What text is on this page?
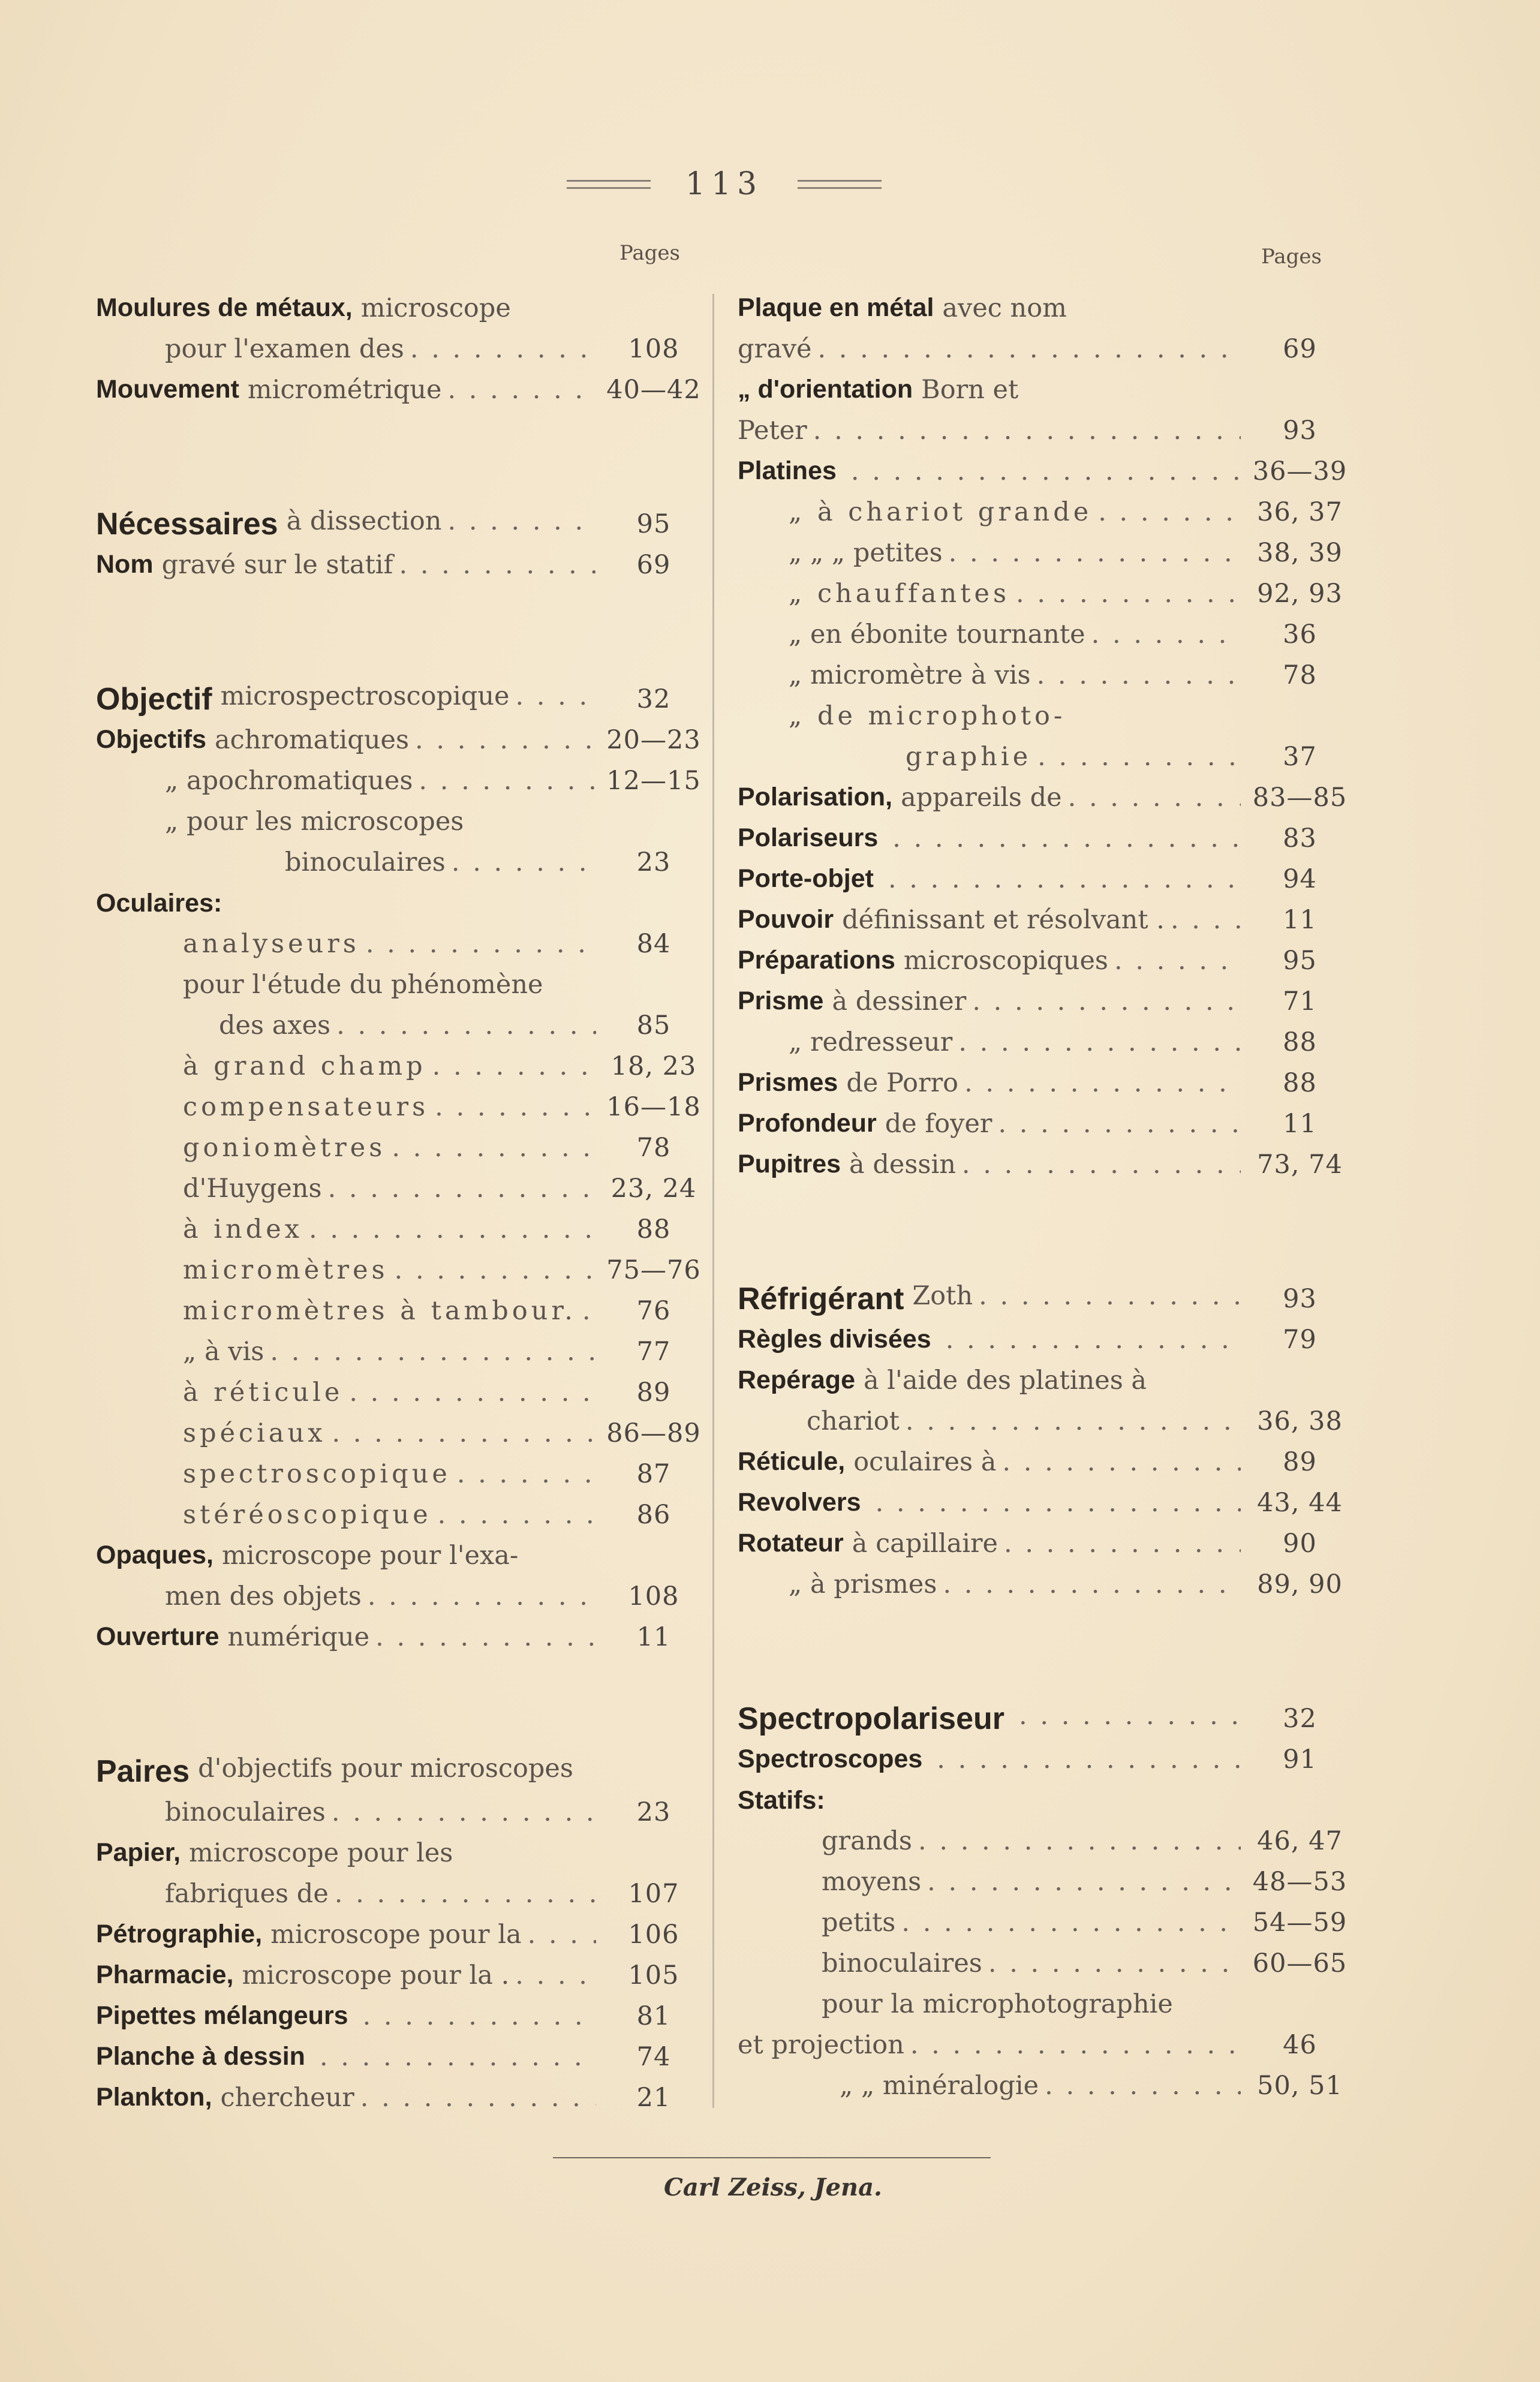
113
Pages	Pages
Moulures de métaux, microscope
pour l'examen des . . .	108
Mouvement micrométrique . . .	40—42
Nécessaires à dissection . . .	95
Nom gravé sur le statif . . .	69
Objectif microspectroscopique . . .	32
Objectifs achromatiques . . .	20—23
„ apochromatiques . . .	12—15
„ pour les microscopes
binoculaires . . .	23
Oculaires:
analyseurs . . .	84
pour l'étude du phénomène
des axes . . .	85
à grand champ . . .	18, 23
compensateurs . . .	16—18
goniomètres . . .	78
d'Huygens . . .	23, 24
à index . . .	88
micromètres . . .	75—76
micromètres à tambour. . . .	76
„ à vis . . .	77
à réticule . . .	89
spéciaux . . .	86—89
spectroscopique . . .	87
stéréoscopique . . .	86
Opaques, microscope pour l'exa-
men des objets . . .	108
Ouverture numérique . . .	11
Paires d'objectifs pour microscopes
binoculaires . . .	23
Papier, microscope pour les
fabriques de . . .	107
Pétrographie, microscope pour la . . .	106
Pharmacie, microscope pour la . . . .	105
Pipettes mélangeurs . . .	81
Planche à dessin . . .	74
Plankton, chercheur . . .	21
Plaque en métal avec nom
gravé . . .	69
„ d'orientation Born et
Peter . . .	93
Platines . . .	36—39
„ à chariot grande . . .	36, 37
„ „ „ petites . . .	38, 39
„ chauffantes . . .	92, 93
„ en ébonite tournante . . .	36
„ micromètre à vis . . .	78
„ de microphoto-
graphie . . .	37
Polarisation, appareils de . . .	83—85
Polariseurs . . .	83
Porte-objet . . .	94
Pouvoir définissant et résolvant . . . .	11
Préparations microscopiques . . .	95
Prisme à dessiner . . .	71
„ redresseur . . .	88
Prismes de Porro . . .	88
Profondeur de foyer . . .	11
Pupitres à dessin . . .	73, 74
Réfrigérant Zoth . . .	93
Règles divisées . . .	79
Repérage à l'aide des platines à
chariot . . .	36, 38
Réticule, oculaires à . . .	89
Revolvers . . .	43, 44
Rotateur à capillaire . . .	90
„ à prismes . . .	89, 90
Spectropolariseur . . .	32
Spectroscopes . . .	91
Statifs:
grands . . .	46, 47
moyens . . .	48—53
petits . . .	54—59
binoculaires . . .	60—65
pour la microphotographie
et projection . . .	46
„ „ minéralogie . . .	50, 51
Carl Zeiss, Jena.
